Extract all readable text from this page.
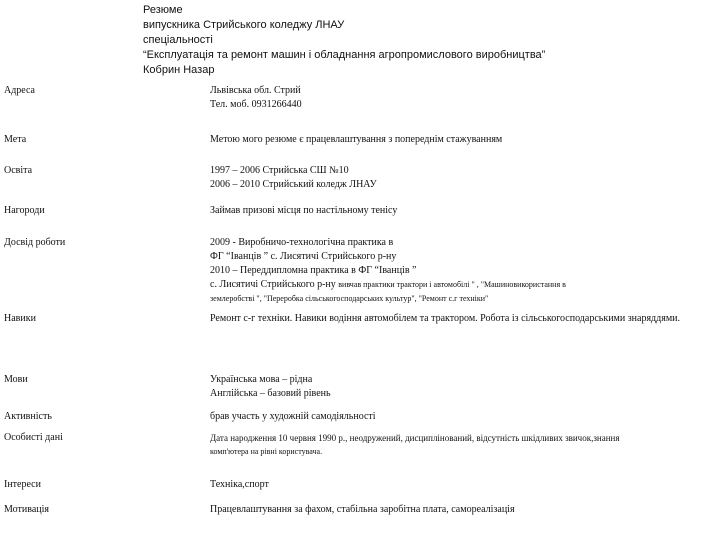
Резюме
випускника Стрийського коледжу ЛНАУ
спеціальності
“Експлуатація та ремонт машин і обладнання агропромислового виробництва”
Кобрин Назар
Адреса	Львівська обл. Стрий
Тел. моб. 0931266440
Мета	Метою мого резюме є працевлаштування з попереднім стажуванням
Освіта	1997 – 2006 Стрийська СШ №10
2006 – 2010 Стрийський коледж ЛНАУ
Нагороди	Займав призові місця по настільному тенісу
Досвід роботи	2009 - Виробничо-технологічна практика в
ФГ “Іванців ” с. Лисятичі Стрийського р-ну
2010 – Переддипломна практика в ФГ “Іванців ”
с. Лисятичі Стрийського р-ну вивчав практики трактори і автомобілі " , "Машиновикористання в
землеробстві ", "Переробка сільськогосподарських культур", "Ремонт с.г техніки"
Навики	Ремонт с-г техніки. Навики водіння автомобілем та трактором. Робота із сільськогосподарськими знаряддями.
Мови	Українська мова – рідна
Англійська – базовий рівень
Активність	брав участь у художній самодіяльності
Особисті дані	Дата народження 10 червня 1990 р., неодружений, дисциплінований, відсутність шкідливих звичок,знання
комп'ютера на рівні користувача.
Інтереси	Техніка,спорт
Мотивація	Працевлаштування за фахом, стабільна заробітна плата, самореалізація
